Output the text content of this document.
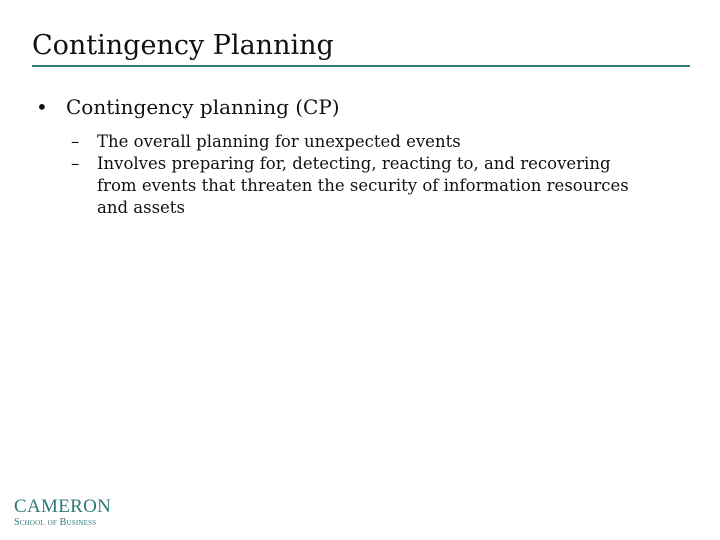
Contingency Planning
• Contingency planning (CP)
– The overall planning for unexpected events
– Involves preparing for, detecting, reacting to, and recovering
from events that threaten the security of information resources
and assets
CAMERON
School of Business
